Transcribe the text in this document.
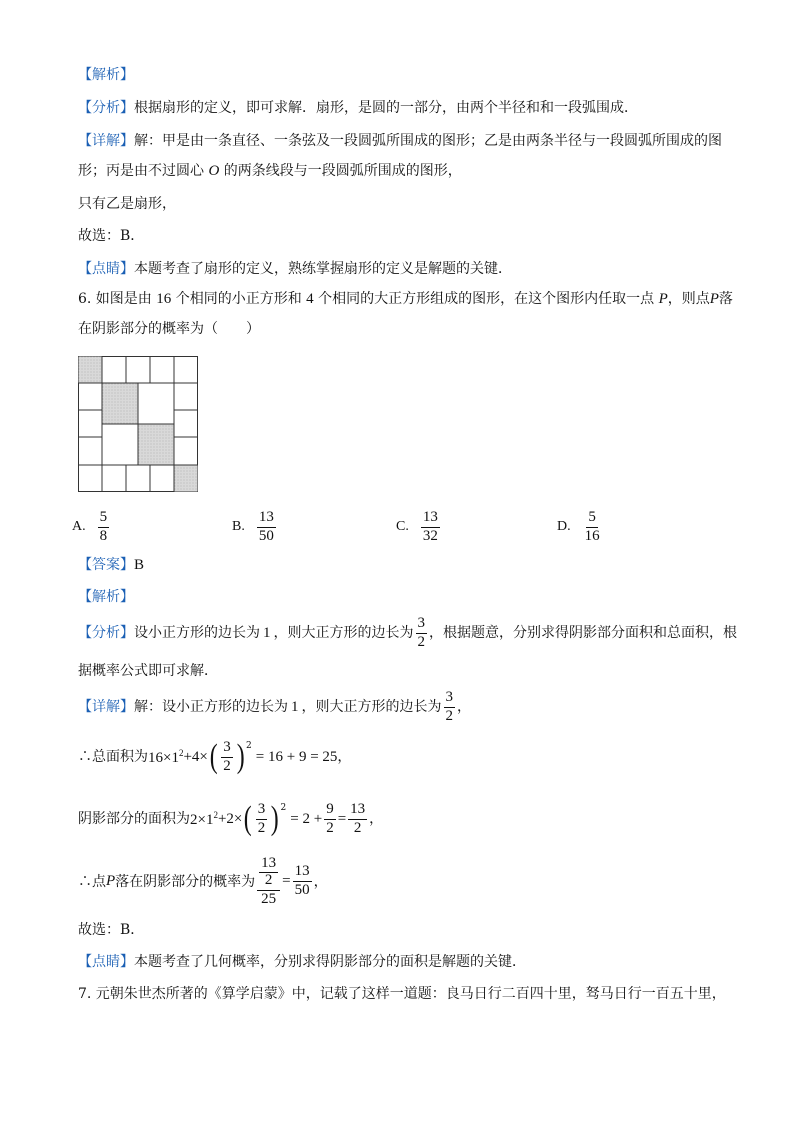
【解析】
【分析】根据扇形的定义，即可求解．扇形，是圆的一部分，由两个半径和和一段弧围成．
【详解】解：甲是由一条直径、一条弦及一段圆弧所围成的图形；乙是由两条半径与一段圆弧所围成的图
形；丙是由不过圆心 O 的两条线段与一段圆弧所围成的图形，
只有乙是扇形，
故选：B．
【点睛】本题考查了扇形的定义，熟练掌握扇形的定义是解题的关键．
6. 如图是由 16 个相同的小正方形和 4 个相同的大正方形组成的图形，在这个图形内任取一点 P，则点P落
在阴影部分的概率为（　　）
A. $\frac{5}{8}$	B. $\frac{13}{50}$	C. $\frac{13}{32}$	D. $\frac{5}{16}$
【答案】B
【解析】
【分析】 设小正方形的边长为 1 ，则大正方形的边长为 $\frac{3}{2}$ ，根据题意，分别求得阴影部分面积和总面积，根
据概率公式即可求解．
【详解】 解：设小正方形的边长为 1 ，则大正方形的边长为 $\frac{3}{2}$ ，
∴总面积为 $16\times 1^2 +4\times$ ( $\frac{3}{2} )^2$
= 16 + 9 = 25 ，
阴影部分的面积为 $2\times 1^2 +2\times$ ( $\frac{3}{2} )^2$
= $2 + \frac{9}{2} = \frac{13}{2}$ ，
∴点 P 落在阴影部分的概率为 13
2
$25 = \frac{13}{50}$ ，
故选：B．
【点睛】本题考查了几何概率，分别求得阴影部分的面积是解题的关键．
7. 元朝朱世杰所著的《算学启蒙》中，记载了这样一道题：良马日行二百四十里，驽马日行一百五十里，
